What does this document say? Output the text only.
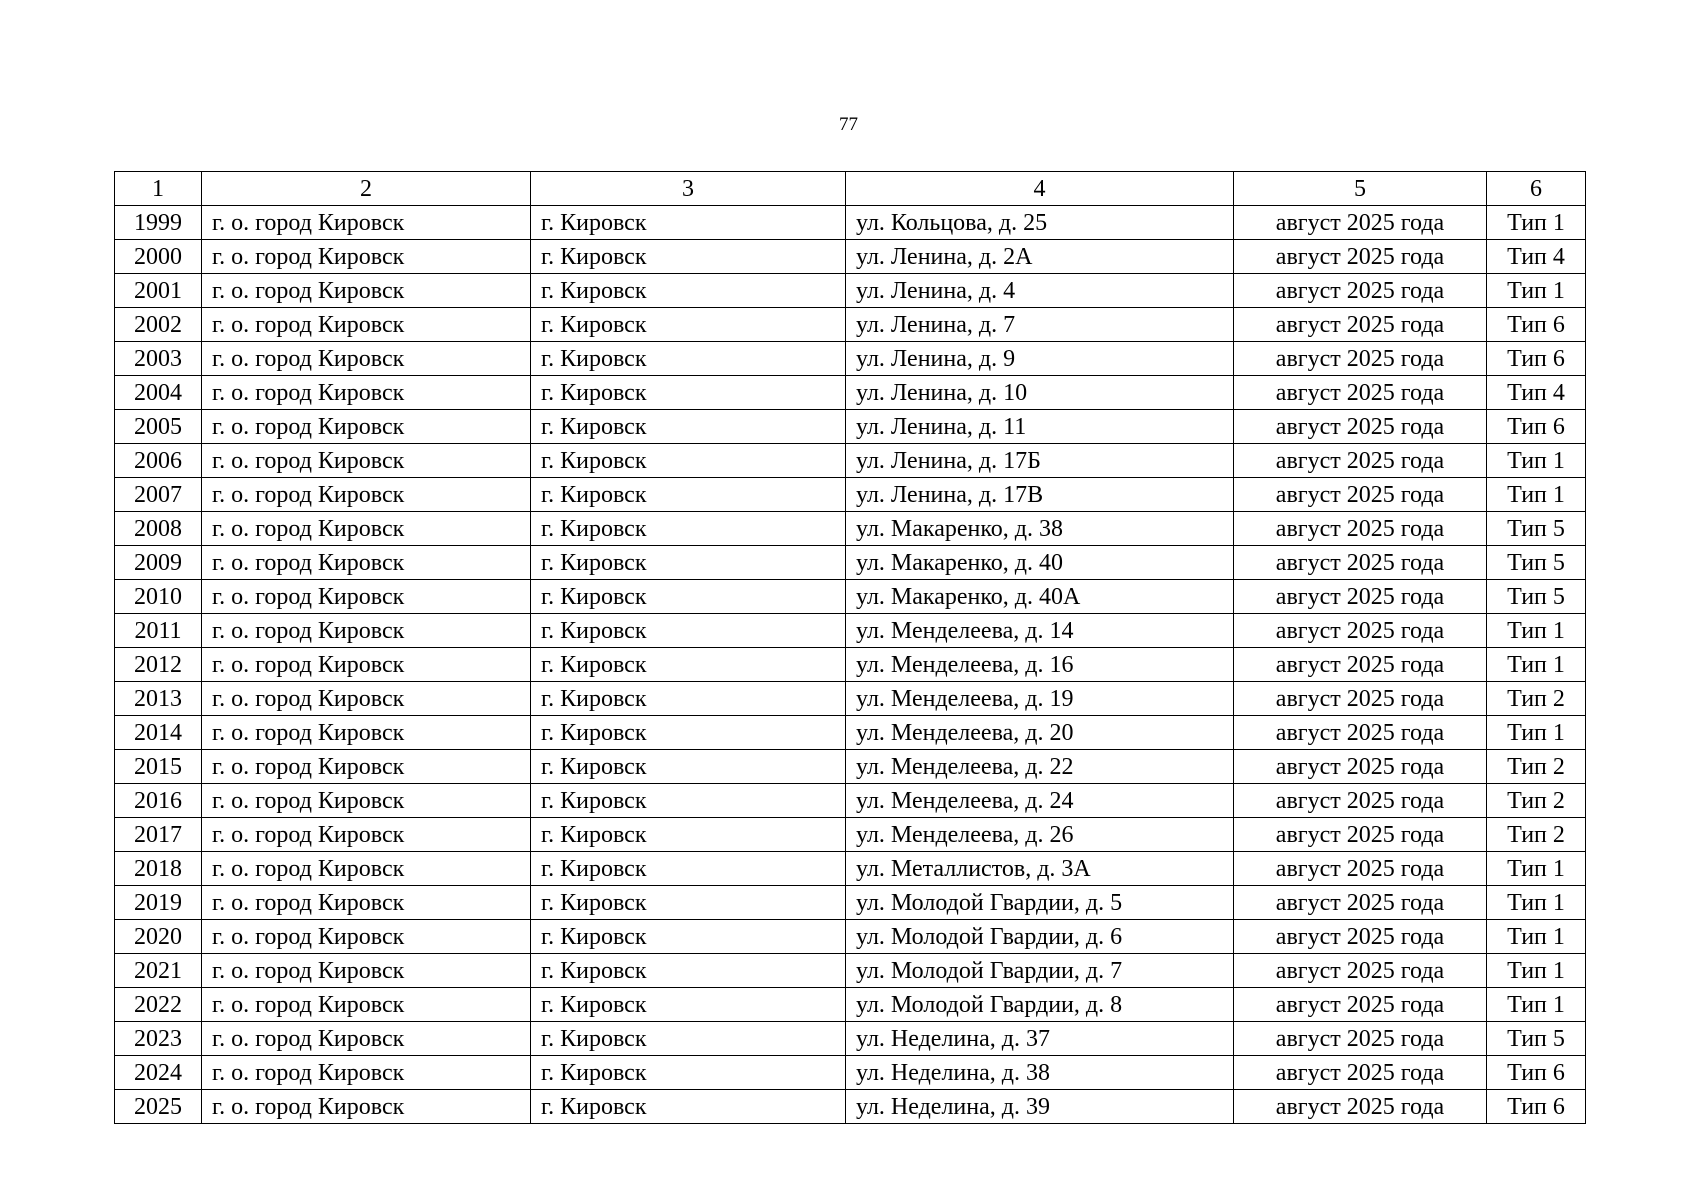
77
1	2	3	4	5	6
1999	г. о. город Кировск	г. Кировск	ул. Кольцова, д. 25	август 2025 года	Тип 1
2000	г. о. город Кировск	г. Кировск	ул. Ленина, д. 2А	август 2025 года	Тип 4
2001	г. о. город Кировск	г. Кировск	ул. Ленина, д. 4	август 2025 года	Тип 1
2002	г. о. город Кировск	г. Кировск	ул. Ленина, д. 7	август 2025 года	Тип 6
2003	г. о. город Кировск	г. Кировск	ул. Ленина, д. 9	август 2025 года	Тип 6
2004	г. о. город Кировск	г. Кировск	ул. Ленина, д. 10	август 2025 года	Тип 4
2005	г. о. город Кировск	г. Кировск	ул. Ленина, д. 11	август 2025 года	Тип 6
2006	г. о. город Кировск	г. Кировск	ул. Ленина, д. 17Б	август 2025 года	Тип 1
2007	г. о. город Кировск	г. Кировск	ул. Ленина, д. 17В	август 2025 года	Тип 1
2008	г. о. город Кировск	г. Кировск	ул. Макаренко, д. 38	август 2025 года	Тип 5
2009	г. о. город Кировск	г. Кировск	ул. Макаренко, д. 40	август 2025 года	Тип 5
2010	г. о. город Кировск	г. Кировск	ул. Макаренко, д. 40А	август 2025 года	Тип 5
2011	г. о. город Кировск	г. Кировск	ул. Менделеева, д. 14	август 2025 года	Тип 1
2012	г. о. город Кировск	г. Кировск	ул. Менделеева, д. 16	август 2025 года	Тип 1
2013	г. о. город Кировск	г. Кировск	ул. Менделеева, д. 19	август 2025 года	Тип 2
2014	г. о. город Кировск	г. Кировск	ул. Менделеева, д. 20	август 2025 года	Тип 1
2015	г. о. город Кировск	г. Кировск	ул. Менделеева, д. 22	август 2025 года	Тип 2
2016	г. о. город Кировск	г. Кировск	ул. Менделеева, д. 24	август 2025 года	Тип 2
2017	г. о. город Кировск	г. Кировск	ул. Менделеева, д. 26	август 2025 года	Тип 2
2018	г. о. город Кировск	г. Кировск	ул. Металлистов, д. 3А	август 2025 года	Тип 1
2019	г. о. город Кировск	г. Кировск	ул. Молодой Гвардии, д. 5	август 2025 года	Тип 1
2020	г. о. город Кировск	г. Кировск	ул. Молодой Гвардии, д. 6	август 2025 года	Тип 1
2021	г. о. город Кировск	г. Кировск	ул. Молодой Гвардии, д. 7	август 2025 года	Тип 1
2022	г. о. город Кировск	г. Кировск	ул. Молодой Гвардии, д. 8	август 2025 года	Тип 1
2023	г. о. город Кировск	г. Кировск	ул. Неделина, д. 37	август 2025 года	Тип 5
2024	г. о. город Кировск	г. Кировск	ул. Неделина, д. 38	август 2025 года	Тип 6
2025	г. о. город Кировск	г. Кировск	ул. Неделина, д. 39	август 2025 года	Тип 6
